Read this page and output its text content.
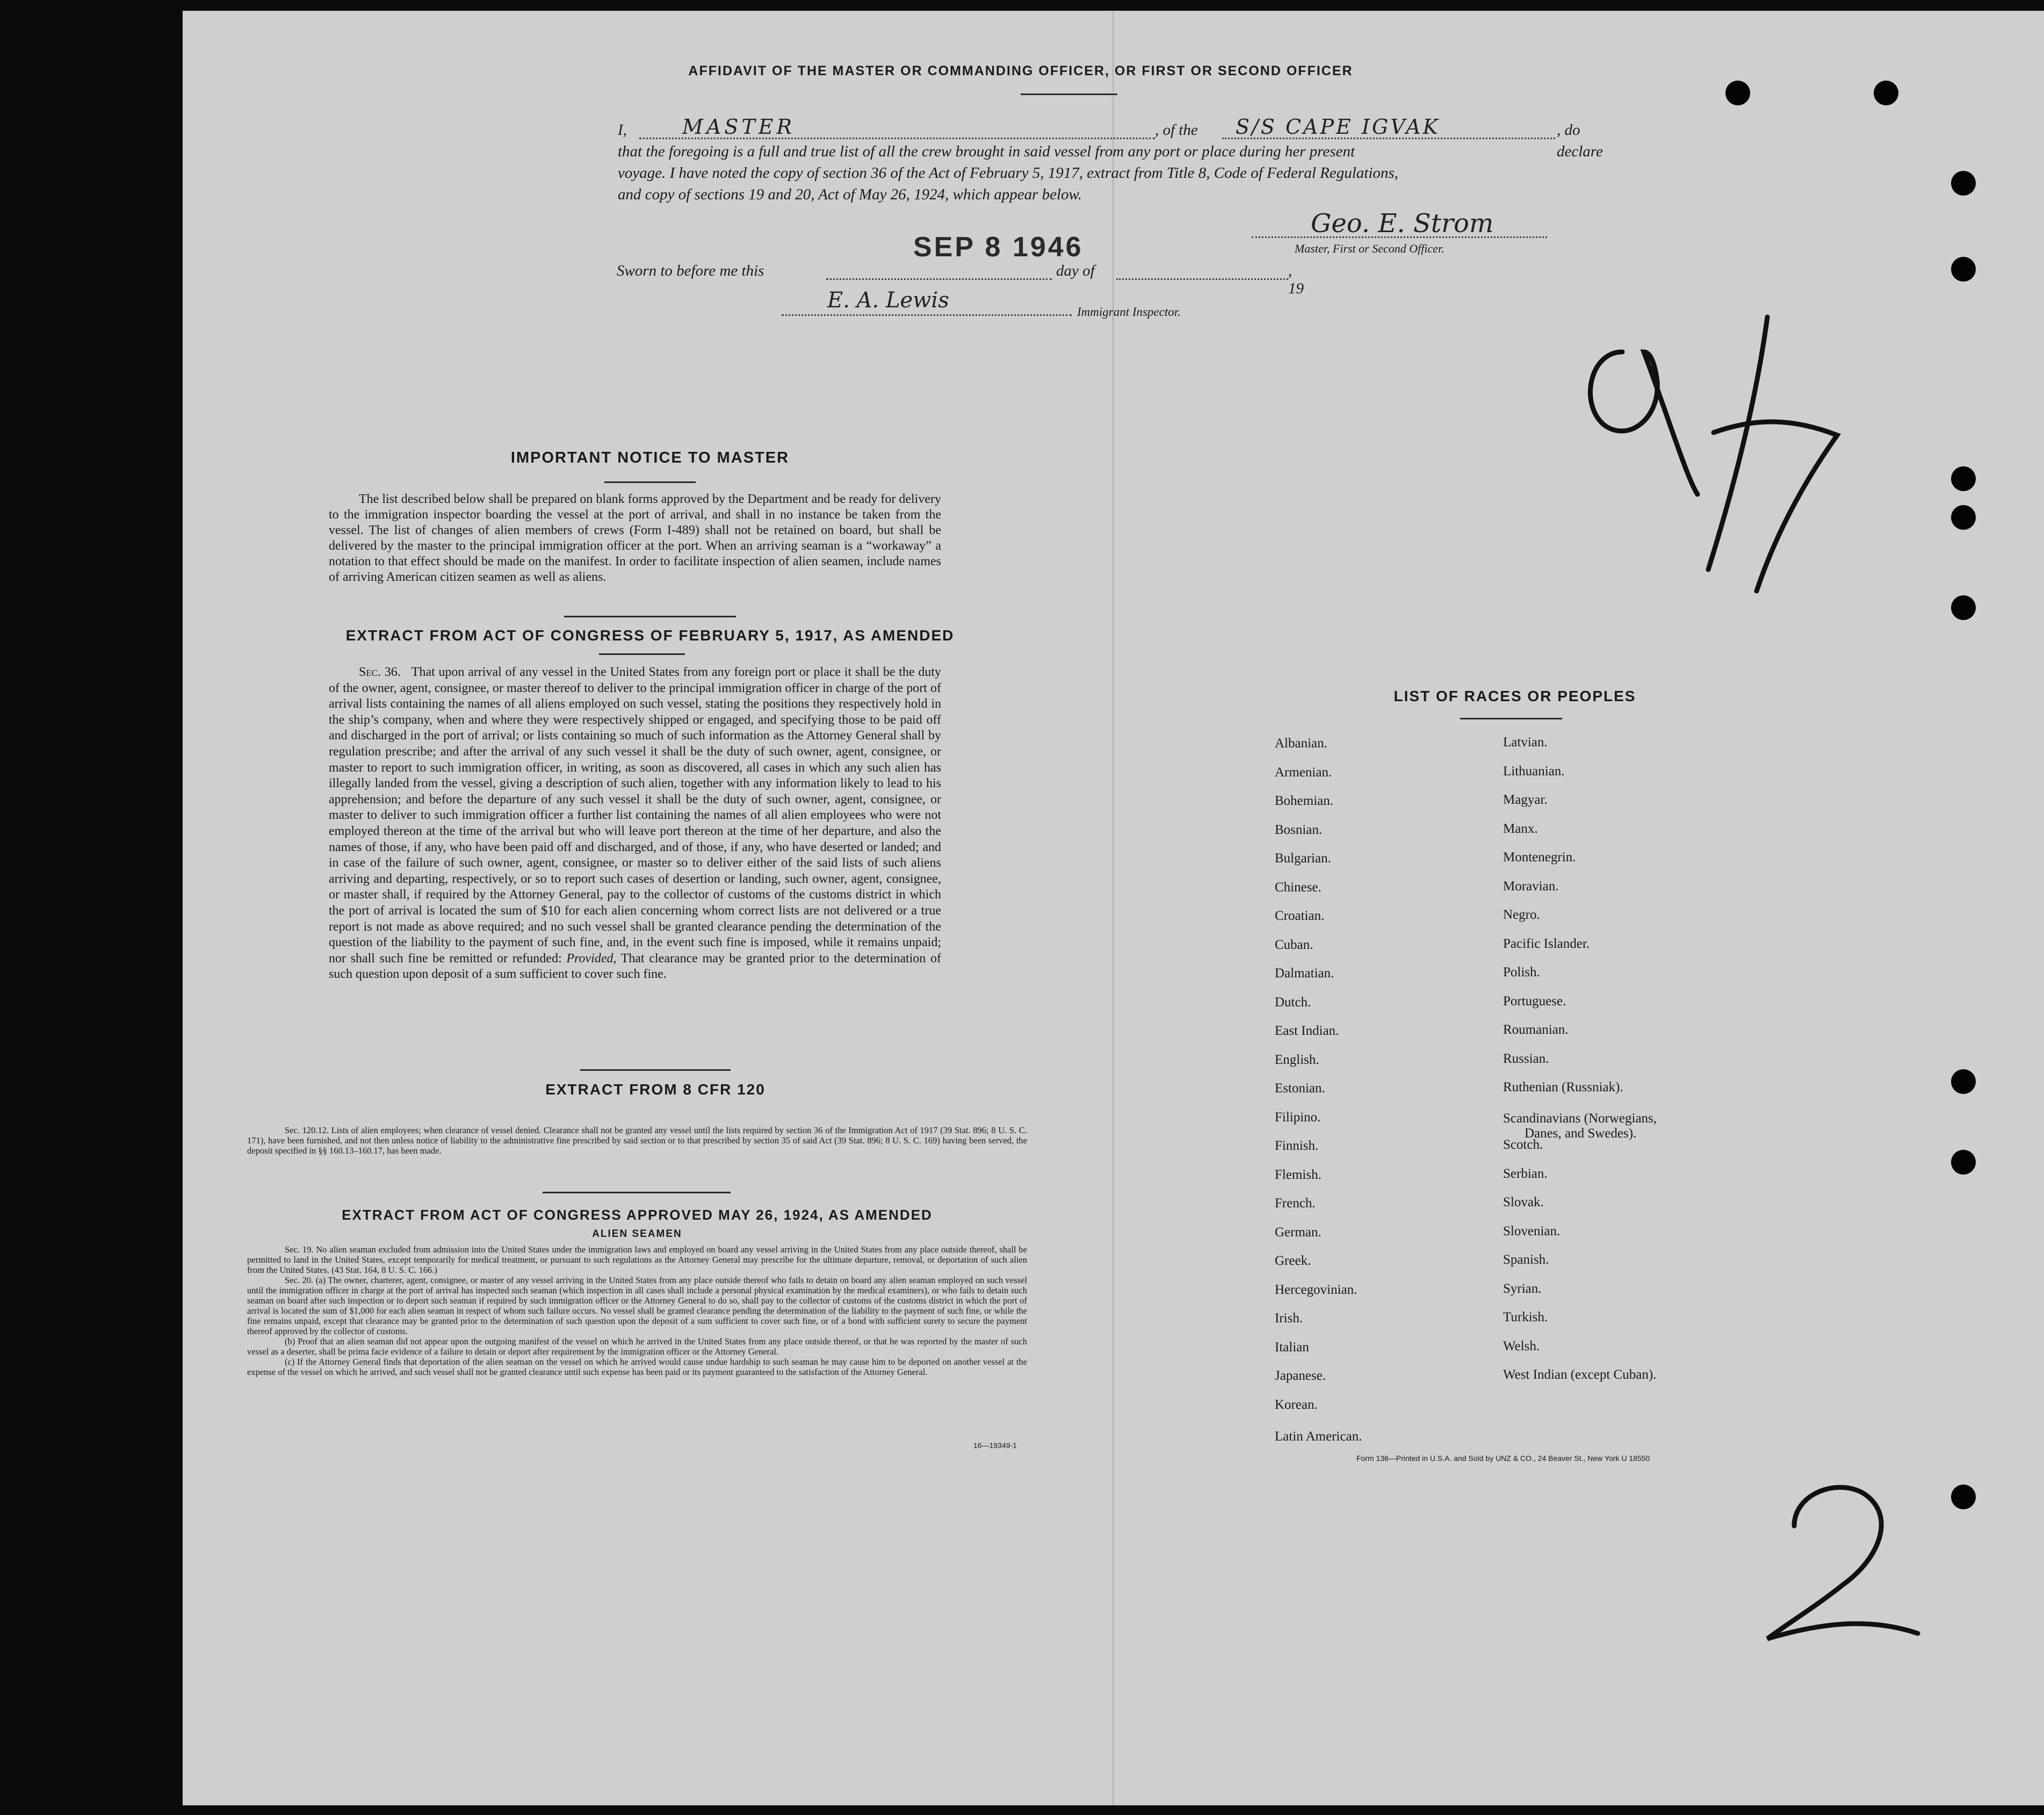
AFFIDAVIT OF THE MASTER OR COMMANDING OFFICER, OR FIRST OR SECOND OFFICER
I,	MASTER	, of the S/S CAPE IGVAK	, do declare
that the foregoing is a full and true list of all the crew brought in said vessel from any port or place during her present
voyage. I have noted the copy of section 36 of the Act of February 5, 1917, extract from Title 8, Code of Federal Regulations,
and copy of sections 19 and 20, Act of May 26, 1924, which appear below.
Geo. E. Strom
Master, First or Second Officer.
SEP 8 1946
Sworn to before me this	day of	, 19
E. A. Lewis	Immigrant Inspector.
IMPORTANT NOTICE TO MASTER

The list described below shall be prepared on blank forms approved by the Department and be ready for delivery to the immigration inspector boarding the vessel at the port of arrival, and shall in no instance be taken from the vessel. The list of changes of alien members of crews (Form I-489) shall not be retained on board, but shall be delivered by the master to the principal immigration officer at the port. When an arriving seaman is a “workaway” a notation to that effect should be made on the manifest. In order to facilitate inspection of alien seamen, include names of arriving American citizen seamen as well as aliens.

EXTRACT FROM ACT OF CONGRESS OF FEBRUARY 5, 1917, AS AMENDED

Sec. 36. That upon arrival of any vessel in the United States from any foreign port or place it shall be the duty of the owner, agent, consignee, or master thereof to deliver to the principal immigration officer in charge of the port of arrival lists containing the names of all aliens employed on such vessel, stating the positions they respectively hold in the ship’s company, when and where they were respectively shipped or engaged, and specifying those to be paid off and discharged in the port of arrival; or lists containing so much of such information as the Attorney General shall by regulation prescribe; and after the arrival of any such vessel it shall be the duty of such owner, agent, consignee, or master to report to such immigration officer, in writing, as soon as discovered, all cases in which any such alien has illegally landed from the vessel, giving a description of such alien, together with any information likely to lead to his apprehension; and before the departure of any such vessel it shall be the duty of such owner, agent, consignee, or master to deliver to such immigration officer a further list containing the names of all alien employees who were not employed thereon at the time of the arrival but who will leave port thereon at the time of her departure, and also the names of those, if any, who have been paid off and discharged, and of those, if any, who have deserted or landed; and in case of the failure of such owner, agent, consignee, or master so to deliver either of the said lists of such aliens arriving and departing, respectively, or so to report such cases of desertion or landing, such owner, agent, consignee, or master shall, if required by the Attorney General, pay to the collector of customs of the customs district in which the port of arrival is located the sum of $10 for each alien concerning whom correct lists are not delivered or a true report is not made as above required; and no such vessel shall be granted clearance pending the determination of the question of the liability to the payment of such fine, and, in the event such fine is imposed, while it remains unpaid; nor shall such fine be remitted or refunded: Provided, That clearance may be granted prior to the determination of such question upon deposit of a sum sufficient to cover such fine.

EXTRACT FROM 8 CFR 120

Sec. 120.12. Lists of alien employees; when clearance of vessel denied. Clearance shall not be granted any vessel until the lists required by section 36 of the Immigration Act of 1917 (39 Stat. 896; 8 U. S. C. 171), have been furnished, and not then unless notice of liability to the administrative fine prescribed by said section or to that prescribed by section 35 of said Act (39 Stat. 896; 8 U. S. C. 169) having been served, the deposit specified in §§ 160.13–160.17, has been made.

EXTRACT FROM ACT OF CONGRESS APPROVED MAY 26, 1924, AS AMENDED
ALIEN SEAMEN

Sec. 19. No alien seaman excluded from admission into the United States under the immigration laws and employed on board any vessel arriving in the United States from any place outside thereof, shall be permitted to land in the United States, except temporarily for medical treatment, or pursuant to such regulations as the Attorney General may prescribe for the ultimate departure, removal, or deportation of such alien from the United States. (43 Stat. 164, 8 U. S. C. 166.)

Sec. 20. (a) The owner, charterer, agent, consignee, or master of any vessel arriving in the United States from any place outside thereof who fails to detain on board any alien seaman employed on such vessel until the immigration officer in charge at the port of arrival has inspected such seaman (which inspection in all cases shall include a personal physical examination by the medical examiners), or who fails to detain such seaman on board after such inspection or to deport such seaman if required by such immigration officer or the Attorney General to do so, shall pay to the collector of customs of the customs district in which the port of arrival is located the sum of $1,000 for each alien seaman in respect of whom such failure occurs. No vessel shall be granted clearance pending the determination of the liability to the payment of such fine, or while the fine remains unpaid, except that clearance may be granted prior to the determination of such question upon the deposit of a sum sufficient to cover such fine, or of a bond with sufficient surety to secure the payment thereof approved by the collector of customs.

(b) Proof that an alien seaman did not appear upon the outgoing manifest of the vessel on which he arrived in the United States from any place outside thereof, or that he was reported by the master of such vessel as a deserter, shall be prima facie evidence of a failure to detain or deport after requirement by the immigration officer or the Attorney General.

(c) If the Attorney General finds that deportation of the alien seaman on the vessel on which he arrived would cause undue hardship to such seaman he may cause him to be deported on another vessel at the expense of the vessel on which he arrived, and such vessel shall not be granted clearance until such expense has been paid or its payment guaranteed to the satisfaction of the Attorney General.

16—19349-1
LIST OF RACES OR PEOPLES
Albanian.
Armenian.
Bohemian.
Bosnian.
Bulgarian.
Chinese.
Croatian.
Cuban.
Dalmatian.
Dutch.
East Indian.
English.
Estonian.
Filipino.
Finnish.
Flemish.
French.
German.
Greek.
Hercegovinian.
Irish.
Italian
Japanese.
Korean.
Latin American.
Latvian.
Lithuanian.
Magyar.
Manx.
Montenegrin.
Moravian.
Negro.
Pacific Islander.
Polish.
Portuguese.
Roumanian.
Russian.
Ruthenian (Russniak).
Scandinavians (Norwegians,
Danes, and Swedes).
Scotch.
Serbian.
Slovak.
Slovenian.
Spanish.
Syrian.
Turkish.
Welsh.
West Indian (except Cuban).
Form 136—Printed in U.S.A. and Sold by UNZ & CO., 24 Beaver St., New York U 18550
